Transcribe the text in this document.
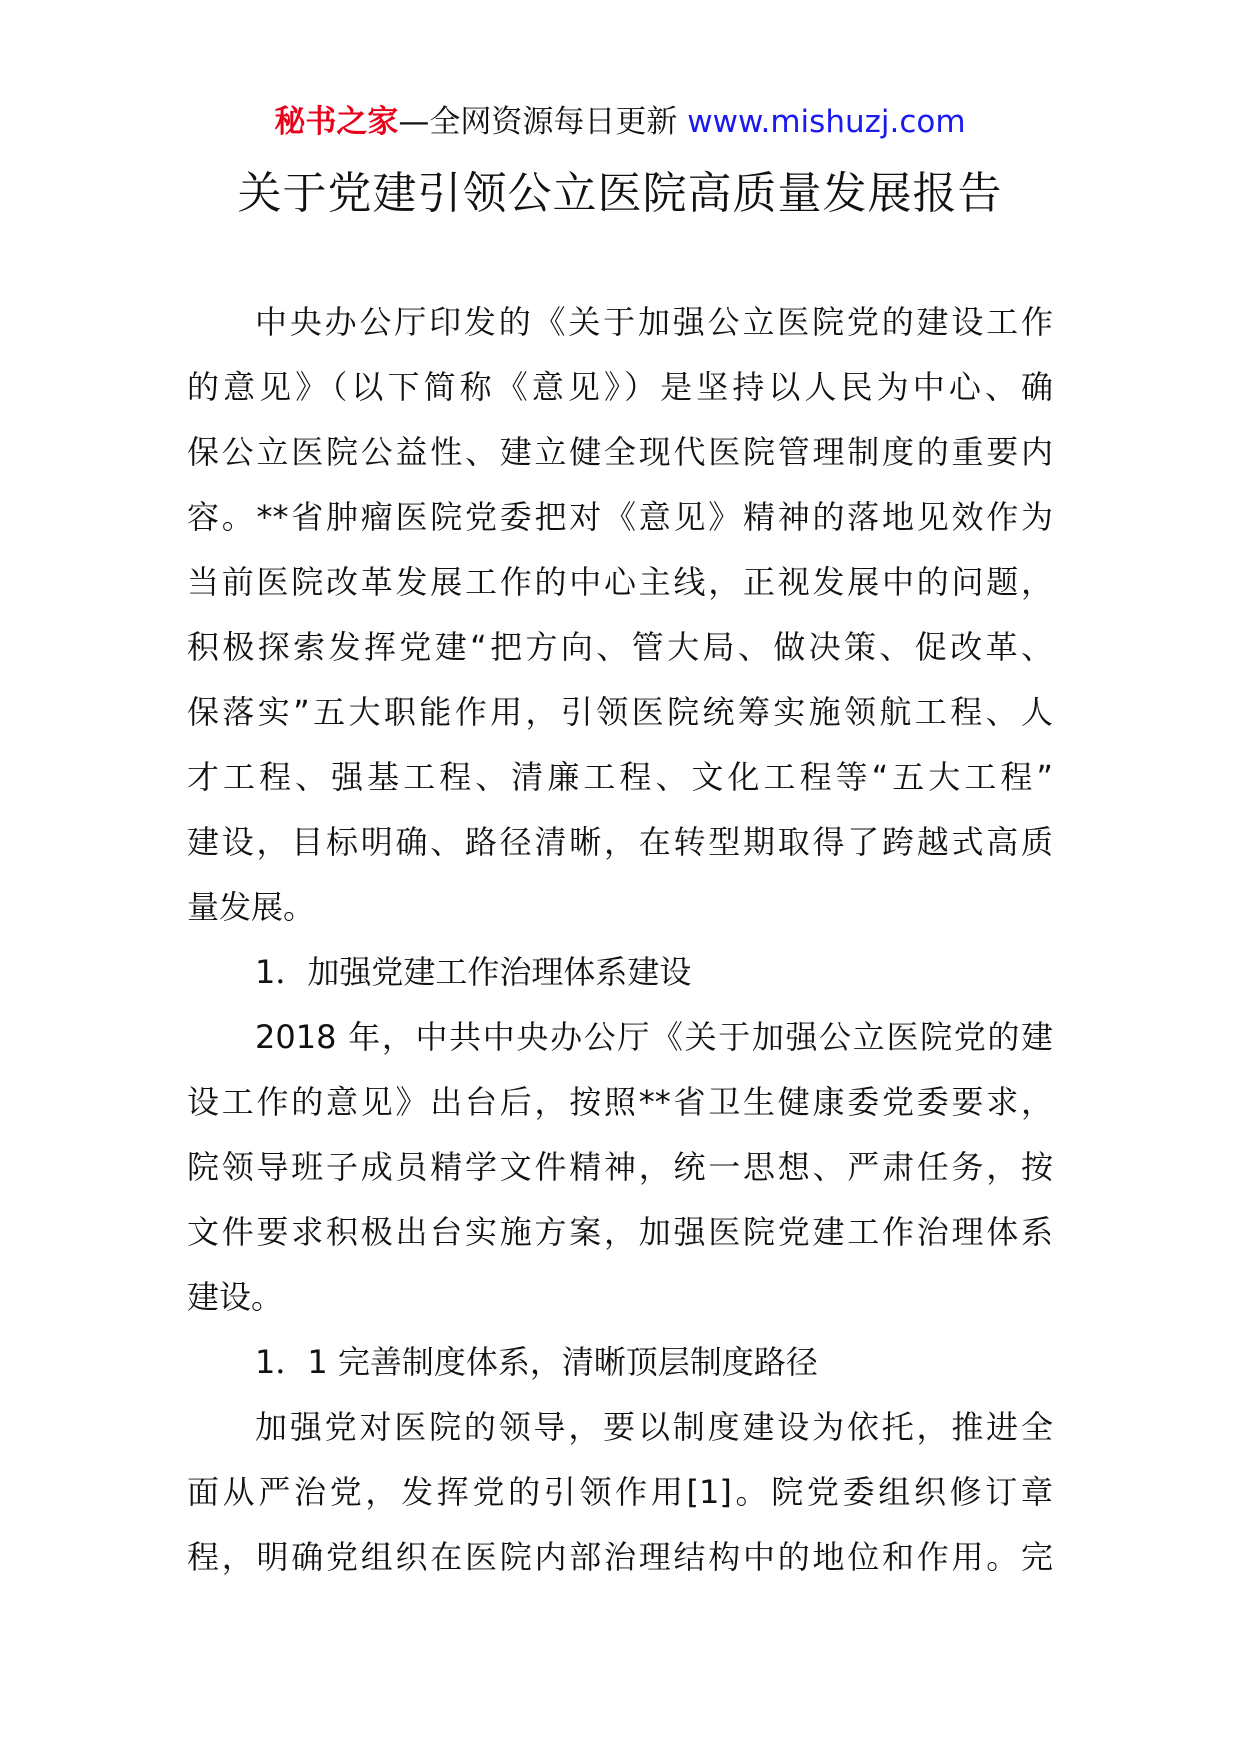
秘书之家—全网资源每日更新 www.mishuzj.com
关于党建引领公立医院高质量发展报告
中央办公厅印发的《关于加强公立医院党的建设工作
的意见》（以下简称《意见》）是坚持以人民为中心、确
保公立医院公益性、建立健全现代医院管理制度的重要内
容。**省肿瘤医院党委把对《意见》精神的落地见效作为
当前医院改革发展工作的中心主线，正视发展中的问题，
积极探索发挥党建“把方向、管大局、做决策、促改革、
保落实”五大职能作用，引领医院统筹实施领航工程、人
才工程、强基工程、清廉工程、文化工程等“五大工程”
建设，目标明确、路径清晰，在转型期取得了跨越式高质
量发展。
1．加强党建工作治理体系建设
2018 年，中共中央办公厅《关于加强公立医院党的建
设工作的意见》出台后，按照**省卫生健康委党委要求，
院领导班子成员精学文件精神，统一思想、严肃任务，按
文件要求积极出台实施方案，加强医院党建工作治理体系
建设。
1．1 完善制度体系，清晰顶层制度路径
加强党对医院的领导，要以制度建设为依托，推进全
面从严治党，发挥党的引领作用[1]。院党委组织修订章
程，明确党组织在医院内部治理结构中的地位和作用。完
